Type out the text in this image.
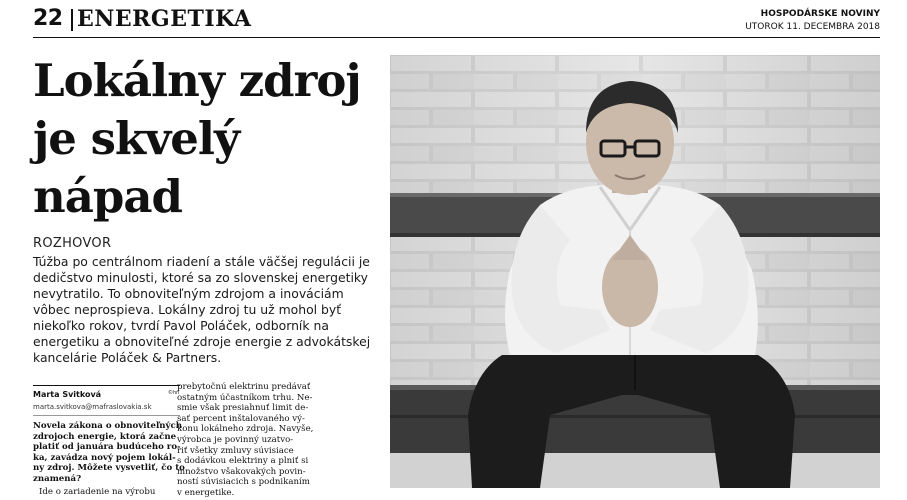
22 ENERGETIKA	HOSPODÁRSKE NOVINY
UTOROK 11. DECEMBRA 2018
Lokálny zdroj
je skvelý
nápad
ROZHOVOR

Túžba po centrálnom riadení a stále väčšej regulácii je dedičstvo minulosti, ktoré sa zo slovenskej energetiky nevytratilo. To obnoviteľným zdrojom a inováciám vôbec neprospieva. Lokálny zdroj tu už mohol byť niekoľko rokov, tvrdí Pavol Poláček, odborník na energetiku a obnoviteľné zdroje energie z advokátskej kancelárie Poláček & Partners.

Marta Svitková	©hn
marta.svitkova@mafraslovakia.sk

Novela zákona o obnoviteľných

zdrojoch energie, ktorá začne

platiť od januára budúceho ro-

ka, zavádza nový pojem lokál-

ny zdroj. Môžete vysvetliť, čo to

znamená?

Ide o zariadenie na výrobu

prebytočnú elektrinu predávať

ostatným účastníkom trhu. Ne-

smie však presiahnuť limit de-

sať percent inštalovaného vý-

konu lokálneho zdroja. Navyše,

výrobca je povinný uzatvo-

riť všetky zmluvy súvisiace

s dodávkou elektriny a plniť si

množstvo všakovakých povin-

ností súvisiacich s podnikaním

v energetike.
